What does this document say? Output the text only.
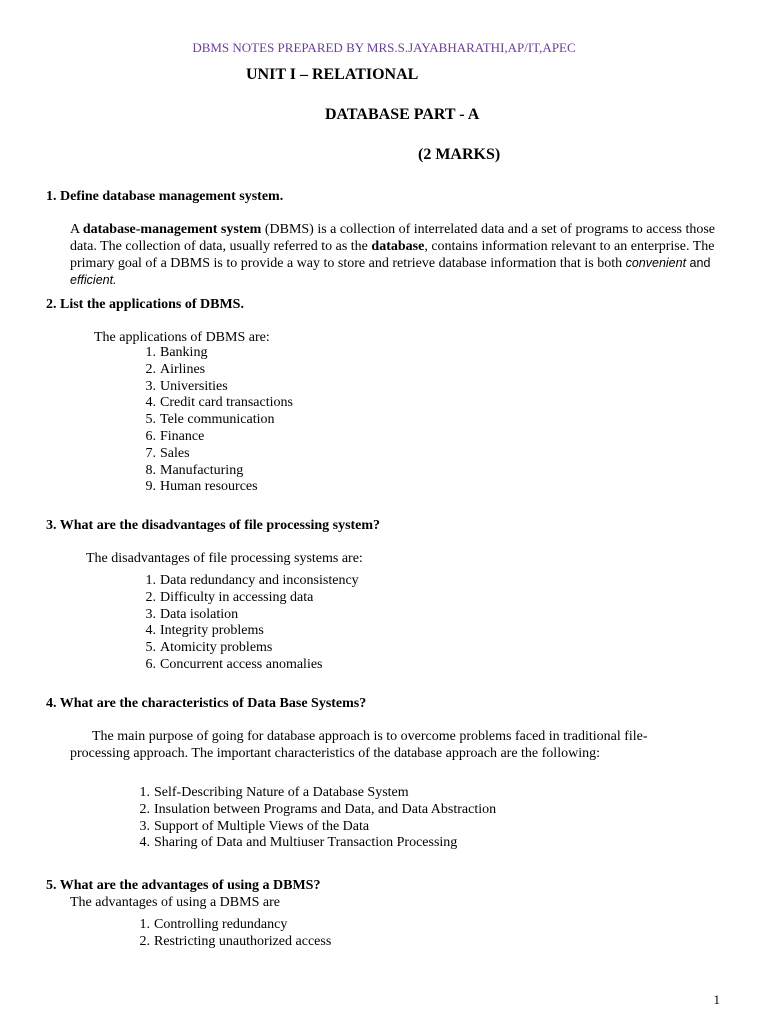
DBMS NOTES PREPARED BY MRS.S.JAYABHARATHI,AP/IT,APEC
UNIT I – RELATIONAL
DATABASE PART - A
(2 MARKS)
1. Define database management system.
A database-management system (DBMS) is a collection of interrelated data and a set of programs to access those data. The collection of data, usually referred to as the database, contains information relevant to an enterprise. The primary goal of a DBMS is to provide a way to store and retrieve database information that is both convenient and efficient.
2. List the applications of DBMS.
The applications of DBMS are:
1. Banking
2. Airlines
3. Universities
4. Credit card transactions
5. Tele communication
6. Finance
7. Sales
8. Manufacturing
9. Human resources
3. What are the disadvantages of file processing system?
The disadvantages of file processing systems are:
1. Data redundancy and inconsistency
2. Difficulty in accessing data
3. Data isolation
4. Integrity problems
5. Atomicity problems
6. Concurrent access anomalies
4. What are the characteristics of Data Base Systems?
The main purpose of going for database approach is to overcome problems faced in traditional file- processing approach. The important characteristics of the database approach are the following:
1. Self-Describing Nature of a Database System
2. Insulation between Programs and Data, and Data Abstraction
3. Support of Multiple Views of the Data
4. Sharing of Data and Multiuser Transaction Processing
5. What are the advantages of using a DBMS?
The advantages of using a DBMS are
1. Controlling redundancy
2. Restricting unauthorized access
1
